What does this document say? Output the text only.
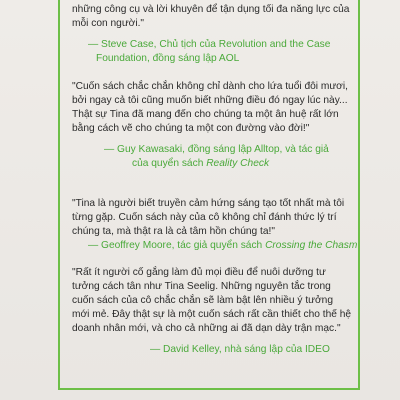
những công cụ và lời khuyên để tận dụng tối đa năng lực của

mỗi con người."

— Steve Case, Chủ tịch của Revolution and the Case

Foundation, đồng sáng lập AOL

"Cuốn sách chắc chắn không chỉ dành cho lứa tuổi đôi mươi,

bởi ngay cả tôi cũng muốn biết những điều đó ngay lúc này...

Thật sự Tina đã mang đến cho chúng ta một ân huệ rất lớn

bằng cách vẽ cho chúng ta một con đường vào đời!"

— Guy Kawasaki, đồng sáng lập Alltop, và tác giả

của quyển sách Reality Check

"Tina là người biết truyền cảm hứng sáng tạo tốt nhất mà tôi

từng gặp. Cuốn sách này của cô không chỉ đánh thức lý trí

chúng ta, mà thật ra là cả tâm hồn chúng ta!"

— Geoffrey Moore, tác giả quyển sách Crossing the Chasm

"Rất ít người cố gắng làm đủ mọi điều để nuôi dưỡng tư

tưởng cách tân như Tina Seelig. Những nguyên tắc trong

cuốn sách của cô chắc chắn sẽ làm bật lên nhiều ý tưởng

mới mẻ. Đây thật sự là một cuốn sách rất cần thiết cho thế hệ

doanh nhân mới, và cho cả những ai đã dạn dày trận mạc."

— David Kelley, nhà sáng lập của IDEO
